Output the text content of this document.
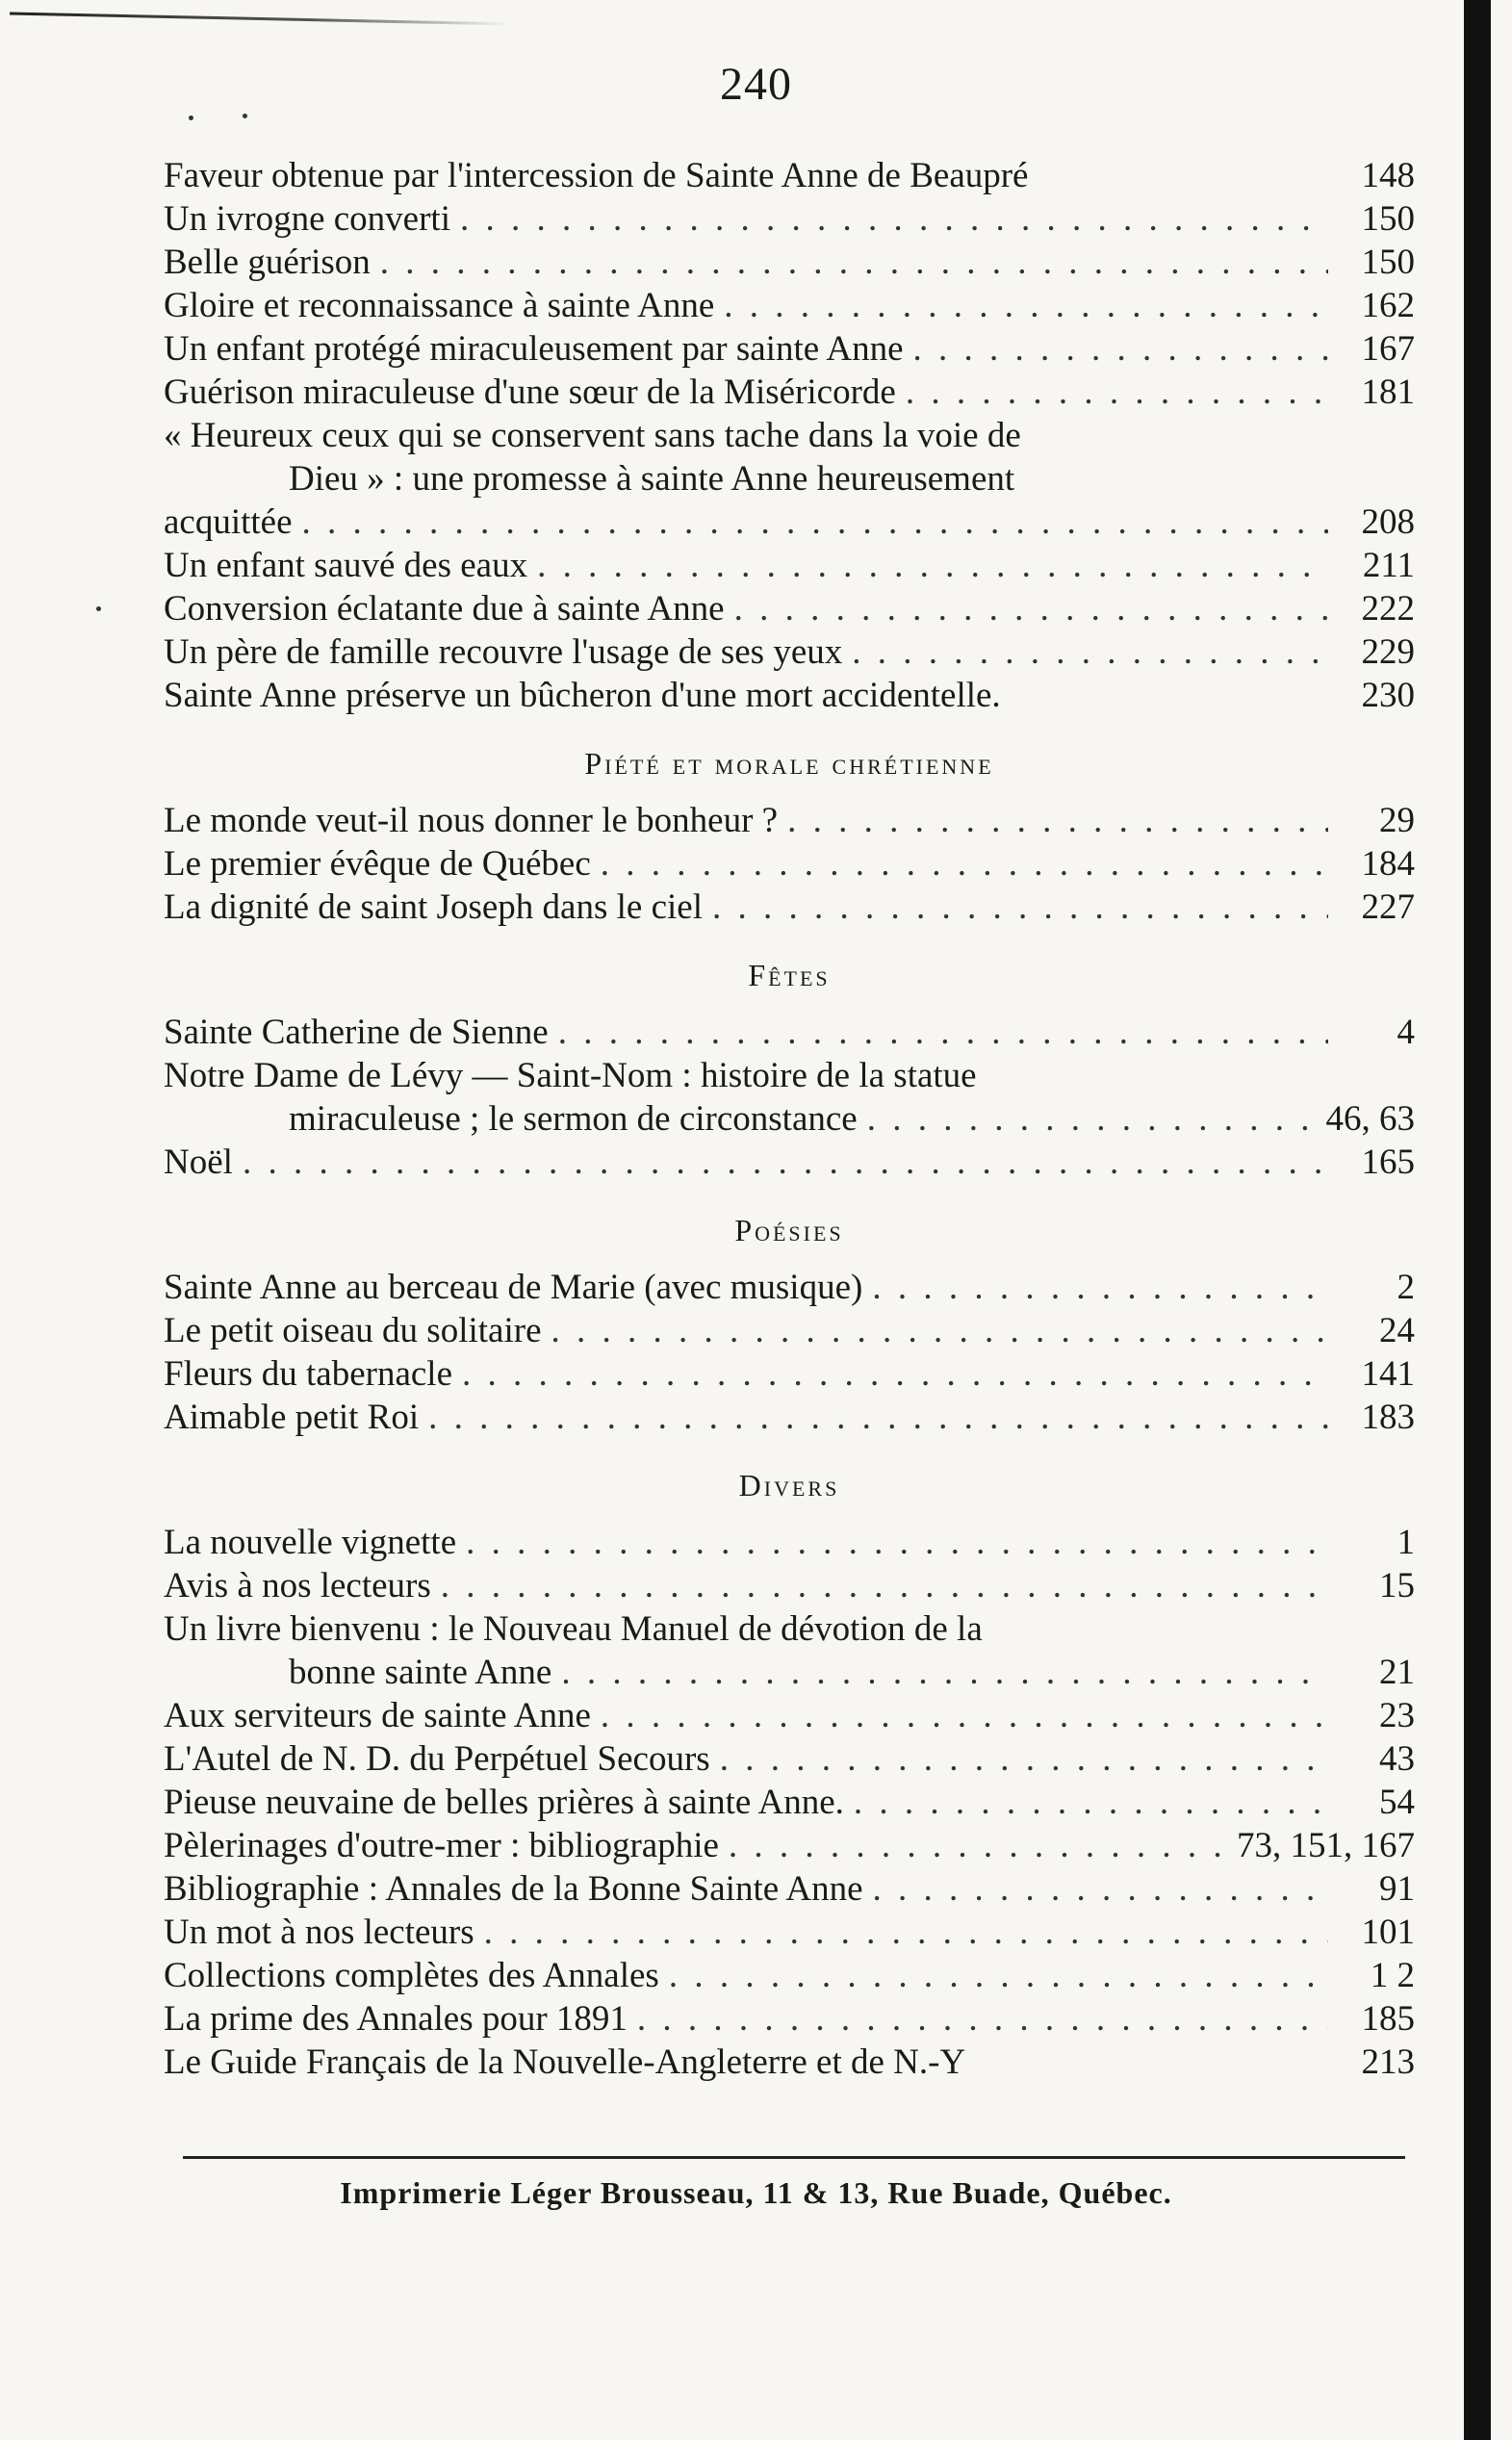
240
Faveur obtenue par l'intercession de Sainte Anne de Beaupré	148
Un ivrogne converti . . .	150
Belle guérison . . .	150
Gloire et reconnaissance à sainte Anne . . .	162
Un enfant protégé miraculeusement par sainte Anne . . .	167
Guérison miraculeuse d'une sœur de la Miséricorde . . .	181
« Heureux ceux qui se conservent sans tache dans la voie de
Dieu » : une promesse à sainte Anne heureusement
acquittée . . .	208
Un enfant sauvé des eaux . . .	211
Conversion éclatante due à sainte Anne . . .	222
Un père de famille recouvre l'usage de ses yeux . . .	229
Sainte Anne préserve un bûcheron d'une mort accidentelle.	230
Piété et morale chrétienne
Le monde veut-il nous donner le bonheur ? . . .	29
Le premier évêque de Québec . . .	184
La dignité de saint Joseph dans le ciel . . .	227
Fêtes
Sainte Catherine de Sienne . . .	4
Notre Dame de Lévy — Saint-Nom : histoire de la statue
miraculeuse ; le sermon de circonstance . . .	46, 63
Noël . . .	165
Poésies
Sainte Anne au berceau de Marie (avec musique) . . .	2
Le petit oiseau du solitaire . . .	24
Fleurs du tabernacle . . .	141
Aimable petit Roi . . .	183
Divers
La nouvelle vignette . . .	1
Avis à nos lecteurs . . .	15
Un livre bienvenu : le Nouveau Manuel de dévotion de la
bonne sainte Anne . . .	21
Aux serviteurs de sainte Anne . . .	23
L'Autel de N. D. du Perpétuel Secours . . .	43
Pieuse neuvaine de belles prières à sainte Anne. . . .	54
Pèlerinages d'outre-mer : bibliographie . . .	73, 151, 167
Bibliographie : Annales de la Bonne Sainte Anne . . .	91
Un mot à nos lecteurs . . .	101
Collections complètes des Annales . . .	1 2
La prime des Annales pour 1891 . . .	185
Le Guide Français de la Nouvelle-Angleterre et de N.-Y	213
Imprimerie Léger Brousseau, 11 & 13, Rue Buade, Québec.
